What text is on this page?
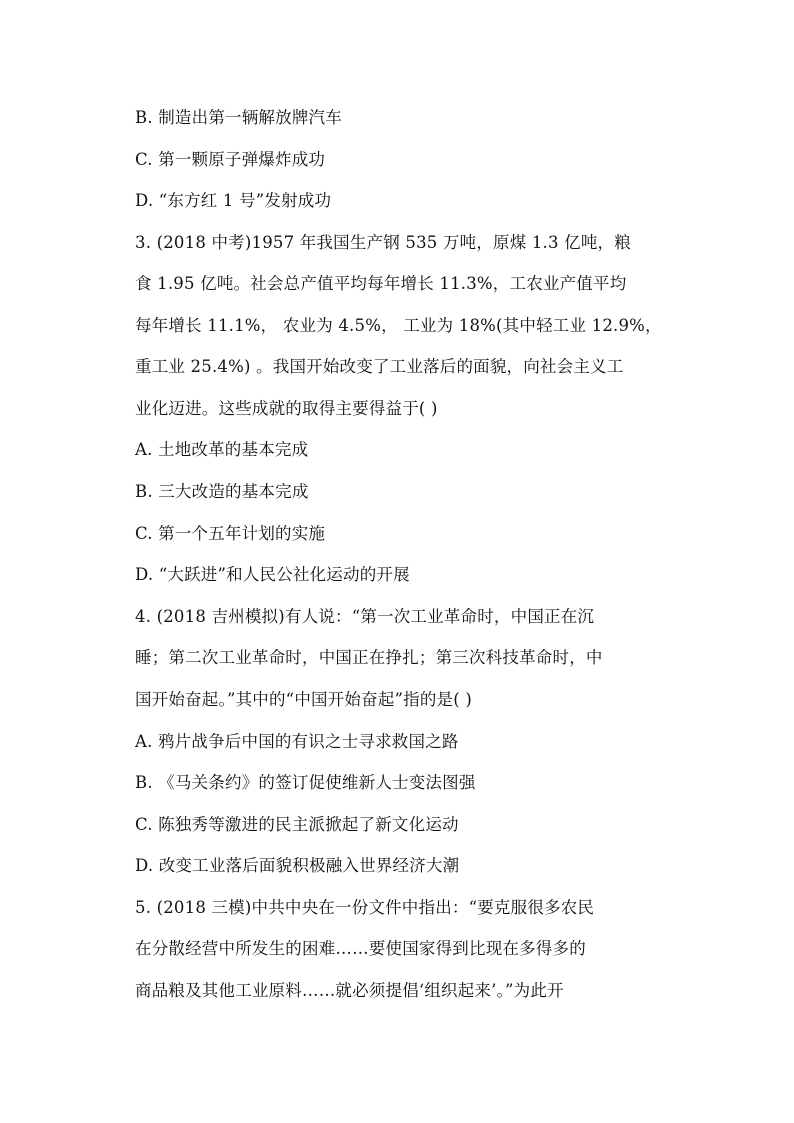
B. 制造出第一辆解放牌汽车
C. 第一颗原子弹爆炸成功
D. “东方红 1 号”发射成功
3. (2018 中考)1957 年我国生产钢 535 万吨，原煤 1.3 亿吨，粮
食 1.95 亿吨。社会总产值平均每年增长 11.3%，工农业产值平均
每年增长 11.1%， 农业为 4.5%， 工业为 18%(其中轻工业 12.9%，
重工业 25.4%) 。我国开始改变了工业落后的面貌，向社会主义工
业化迈进。这些成就的取得主要得益于( )
A. 土地改革的基本完成
B. 三大改造的基本完成
C. 第一个五年计划的实施
D. “大跃进”和人民公社化运动的开展
4. (2018 吉州模拟)有人说：“第一次工业革命时，中国正在沉
睡；第二次工业革命时，中国正在挣扎；第三次科技革命时，中
国开始奋起。”其中的“中国开始奋起”指的是( )
A. 鸦片战争后中国的有识之士寻求救国之路
B. 《马关条约》的签订促使维新人士变法图强
C. 陈独秀等激进的民主派掀起了新文化运动
D. 改变工业落后面貌积极融入世界经济大潮
5. (2018 三模)中共中央在一份文件中指出：“要克服很多农民
在分散经营中所发生的困难……要使国家得到比现在多得多的
商品粮及其他工业原料……就必须提倡‘组织起来’。”为此开
